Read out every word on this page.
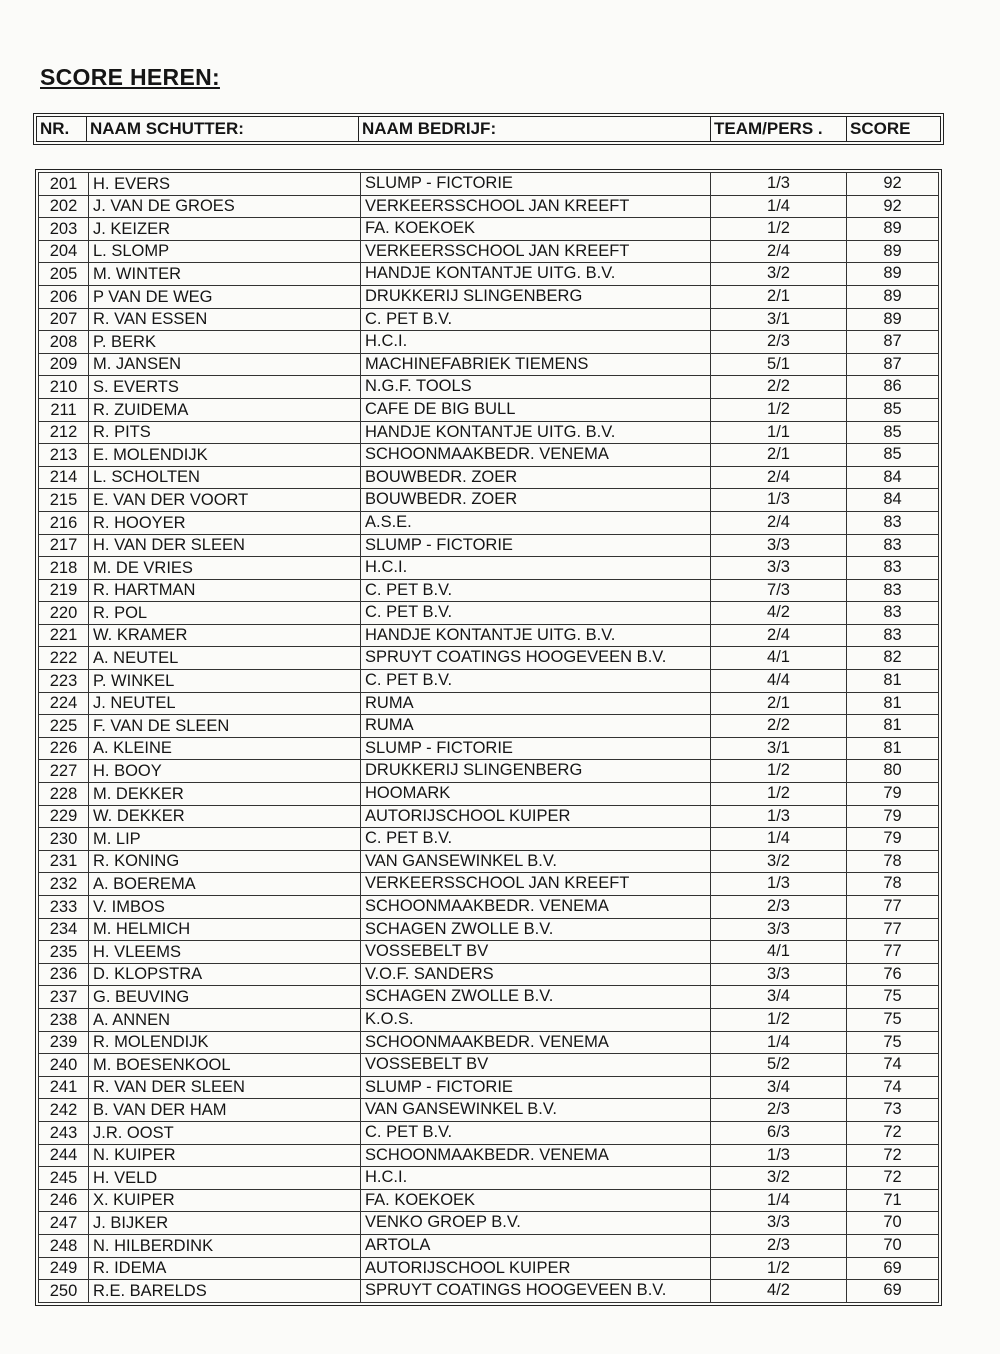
SCORE HEREN:
NR.	NAAM SCHUTTER:	NAAM BEDRIJF:	TEAM/PERS .	SCORE
201	H. EVERS	SLUMP - FICTORIE	1/3	92
202	J. VAN DE GROES	VERKEERSSCHOOL JAN KREEFT	1/4	92
203	J. KEIZER	FA. KOEKOEK	1/2	89
204	L. SLOMP	VERKEERSSCHOOL JAN KREEFT	2/4	89
205	M. WINTER	HANDJE KONTANTJE UITG. B.V.	3/2	89
206	P VAN DE WEG	DRUKKERIJ SLINGENBERG	2/1	89
207	R. VAN ESSEN	C. PET B.V.	3/1	89
208	P. BERK	H.C.I.	2/3	87
209	M. JANSEN	MACHINEFABRIEK TIEMENS	5/1	87
210	S. EVERTS	N.G.F. TOOLS	2/2	86
211	R. ZUIDEMA	CAFE DE BIG BULL	1/2	85
212	R. PITS	HANDJE KONTANTJE UITG. B.V.	1/1	85
213	E. MOLENDIJK	SCHOONMAAKBEDR. VENEMA	2/1	85
214	L. SCHOLTEN	BOUWBEDR. ZOER	2/4	84
215	E. VAN DER VOORT	BOUWBEDR. ZOER	1/3	84
216	R. HOOYER	A.S.E.	2/4	83
217	H. VAN DER SLEEN	SLUMP - FICTORIE	3/3	83
218	M. DE VRIES	H.C.I.	3/3	83
219	R. HARTMAN	C. PET B.V.	7/3	83
220	R. POL	C. PET B.V.	4/2	83
221	W. KRAMER	HANDJE KONTANTJE UITG. B.V.	2/4	83
222	A. NEUTEL	SPRUYT COATINGS HOOGEVEEN B.V.	4/1	82
223	P. WINKEL	C. PET B.V.	4/4	81
224	J. NEUTEL	RUMA	2/1	81
225	F. VAN DE SLEEN	RUMA	2/2	81
226	A. KLEINE	SLUMP - FICTORIE	3/1	81
227	H. BOOY	DRUKKERIJ SLINGENBERG	1/2	80
228	M. DEKKER	HOOMARK	1/2	79
229	W. DEKKER	AUTORIJSCHOOL KUIPER	1/3	79
230	M. LIP	C. PET B.V.	1/4	79
231	R. KONING	VAN GANSEWINKEL B.V.	3/2	78
232	A. BOEREMA	VERKEERSSCHOOL JAN KREEFT	1/3	78
233	V. IMBOS	SCHOONMAAKBEDR. VENEMA	2/3	77
234	M. HELMICH	SCHAGEN ZWOLLE B.V.	3/3	77
235	H. VLEEMS	VOSSEBELT BV	4/1	77
236	D. KLOPSTRA	V.O.F. SANDERS	3/3	76
237	G. BEUVING	SCHAGEN ZWOLLE B.V.	3/4	75
238	A. ANNEN	K.O.S.	1/2	75
239	R. MOLENDIJK	SCHOONMAAKBEDR. VENEMA	1/4	75
240	M. BOESENKOOL	VOSSEBELT BV	5/2	74
241	R. VAN DER SLEEN	SLUMP - FICTORIE	3/4	74
242	B. VAN DER HAM	VAN GANSEWINKEL B.V.	2/3	73
243	J.R. OOST	C. PET B.V.	6/3	72
244	N. KUIPER	SCHOONMAAKBEDR. VENEMA	1/3	72
245	H. VELD	H.C.I.	3/2	72
246	X. KUIPER	FA. KOEKOEK	1/4	71
247	J. BIJKER	VENKO GROEP B.V.	3/3	70
248	N. HILBERDINK	ARTOLA	2/3	70
249	R. IDEMA	AUTORIJSCHOOL KUIPER	1/2	69
250	R.E. BARELDS	SPRUYT COATINGS HOOGEVEEN B.V.	4/2	69
